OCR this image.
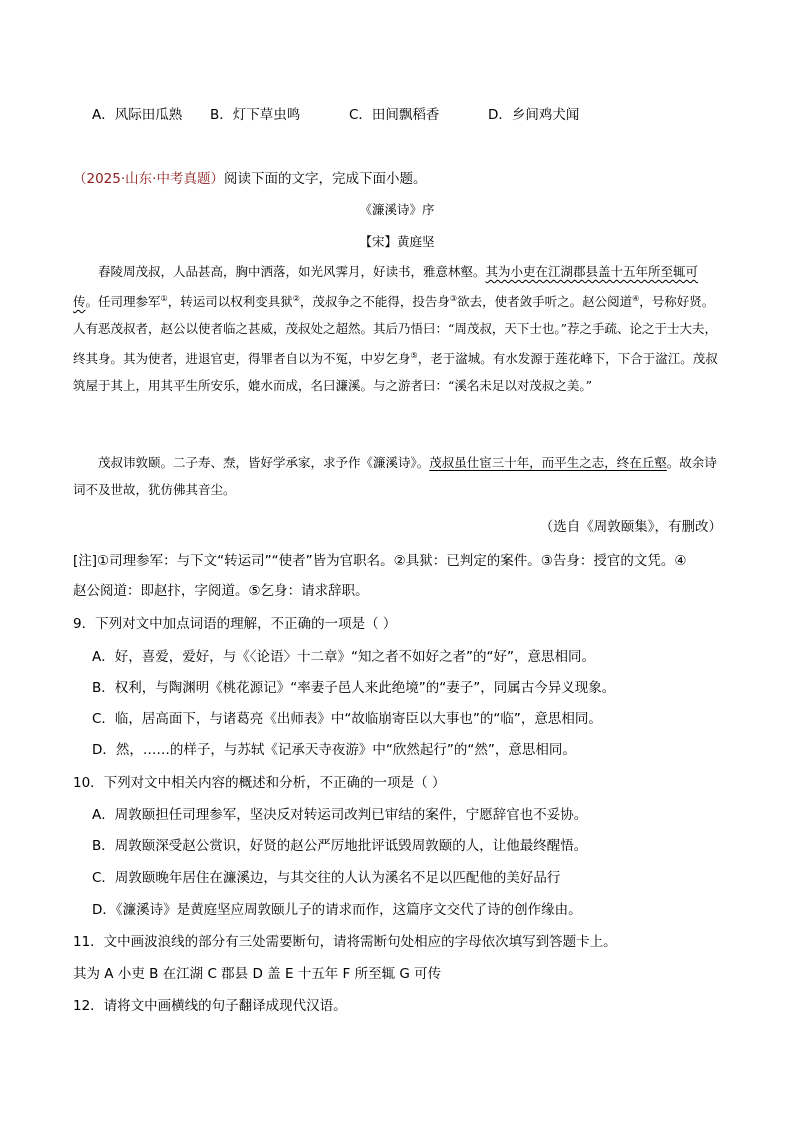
A．风际田瓜熟 B．灯下草虫鸣	C．田间飘稻香	D．乡间鸡犬闻
（2025·山东·中考真题）阅读下面的文字，完成下面小题。
《濂溪诗》序
【宋】黄庭坚

舂陵周茂叔，人品甚高，胸中洒落，如光风霁月，好读书，雅意林壑。其为小吏在江湖郡县盖十五年所至辄可传。任司理参军①，转运司以权利变具狱②，茂叔争之不能得，投告身③欲去，使者敛手听之。赵公阅道④，号称好贤。人有恶茂叔者，赵公以使者临之甚威，茂叔处之超然。其后乃悟曰：“周茂叔，天下士也。”荐之手疏、论之于士大夫，终其身。其为使者，进退官吏，得罪者自以为不冤，中岁乞身⑤，老于湓城。有水发源于莲花峰下，下合于湓江。茂叔筑屋于其上，用其平生所安乐，媲水而成，名曰濂溪。与之游者曰：“溪名未足以对茂叔之美。”

茂叔讳敦颐。二子寿、焘，皆好学承家，求予作《濂溪诗》。茂叔虽仕宦三十年，而平生之志，终在丘壑。故余诗词不及世故，犹仿佛其音尘。

（选自《周敦颐集》，有删改）
[注]①司理参军：与下文“转运司”“使者”皆为官职名。②具狱：已判定的案件。③告身：授官的文凭。④
赵公阅道：即赵抃，字阅道。⑤乞身：请求辞职。
9．下列对文中加点词语的理解，不正确的一项是（ ）
A．好，喜爱，爱好，与《〈论语〉十二章》“知之者不如好之者”的“好”，意思相同。
B．权利，与陶渊明《桃花源记》“率妻子邑人来此绝境”的“妻子”，同属古今异义现象。
C．临，居高面下，与诸葛亮《出师表》中“故临崩寄臣以大事也”的“临”，意思相同。
D．然，……的样子，与苏轼《记承天寺夜游》中“欣然起行”的“然”，意思相同。
10．下列对文中相关内容的概述和分析，不正确的一项是（ ）
A．周敦颐担任司理参军，坚决反对转运司改判已审结的案件，宁愿辞官也不妥协。
B．周敦颐深受赵公赏识，好贤的赵公严厉地批评诋毁周敦颐的人，让他最终醒悟。
C．周敦颐晚年居住在濂溪边，与其交往的人认为溪名不足以匹配他的美好品行
D．《濂溪诗》是黄庭坚应周敦颐儿子的请求而作，这篇序文交代了诗的创作缘由。
11．文中画波浪线的部分有三处需要断句，请将需断句处相应的字母依次填写到答题卡上。
其为 A 小吏 B 在江湖 C 郡县 D 盖 E 十五年 F 所至辄 G 可传
12．请将文中画横线的句子翻译成现代汉语。
